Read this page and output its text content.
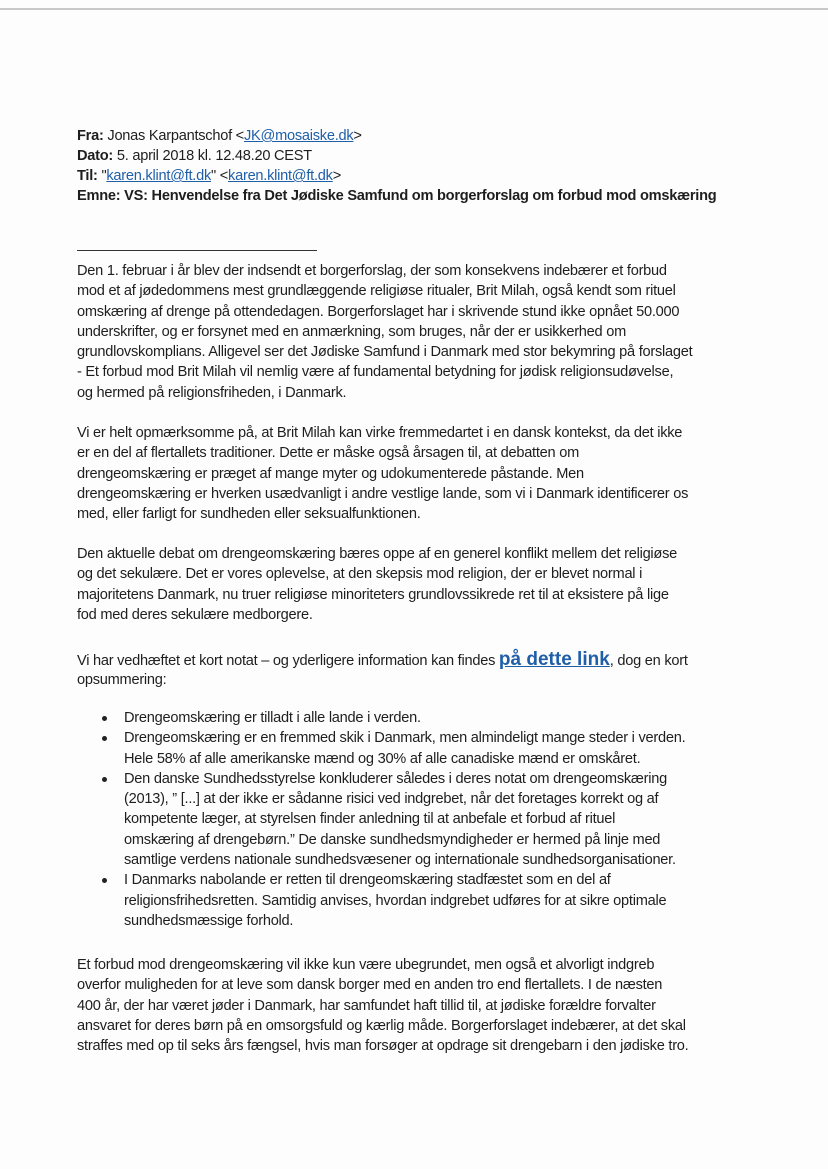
Fra: Jonas Karpantschof <JK@mosaiske.dk>
Dato: 5. april 2018 kl. 12.48.20 CEST
Til: "karen.klint@ft.dk" <karen.klint@ft.dk>
Emne: VS: Henvendelse fra Det Jødiske Samfund om borgerforslag om forbud mod omskæring
Den 1. februar i år blev der indsendt et borgerforslag, der som konsekvens indebærer et forbud
mod et af jødedommens mest grundlæggende religiøse ritualer, Brit Milah, også kendt som rituel
omskæring af drenge på ottendedagen. Borgerforslaget har i skrivende stund ikke opnået 50.000
underskrifter, og er forsynet med en anmærkning, som bruges, når der er usikkerhed om
grundlovskomplians. Alligevel ser det Jødiske Samfund i Danmark med stor bekymring på forslaget
- Et forbud mod Brit Milah vil nemlig være af fundamental betydning for jødisk religionsudøvelse,
og hermed på religionsfriheden, i Danmark.
Vi er helt opmærksomme på, at Brit Milah kan virke fremmedartet i en dansk kontekst, da det ikke
er en del af flertallets traditioner. Dette er måske også årsagen til, at debatten om
drengeomskæring er præget af mange myter og udokumenterede påstande. Men
drengeomskæring er hverken usædvanligt i andre vestlige lande, som vi i Danmark identificerer os
med, eller farligt for sundheden eller seksualfunktionen.
Den aktuelle debat om drengeomskæring bæres oppe af en generel konflikt mellem det religiøse
og det sekulære. Det er vores oplevelse, at den skepsis mod religion, der er blevet normal i
majoritetens Danmark, nu truer religiøse minoriteters grundlovssikrede ret til at eksistere på lige
fod med deres sekulære medborgere.
Vi har vedhæftet et kort notat – og yderligere information kan findes på dette link, dog en kort
opsummering:
Drengeomskæring er tilladt i alle lande i verden.
Drengeomskæring er en fremmed skik i Danmark, men almindeligt mange steder i verden.
Hele 58% af alle amerikanske mænd og 30% af alle canadiske mænd er omskåret.
Den danske Sundhedsstyrelse konkluderer således i deres notat om drengeomskæring
(2013), ” [...] at der ikke er sådanne risici ved indgrebet, når det foretages korrekt og af
kompetente læger, at styrelsen finder anledning til at anbefale et forbud af rituel
omskæring af drengebørn.” De danske sundhedsmyndigheder er hermed på linje med
samtlige verdens nationale sundhedsvæsener og internationale sundhedsorganisationer.
I Danmarks nabolande er retten til drengeomskæring stadfæstet som en del af
religionsfrihedsretten. Samtidig anvises, hvordan indgrebet udføres for at sikre optimale
sundhedsmæssige forhold.
Et forbud mod drengeomskæring vil ikke kun være ubegrundet, men også et alvorligt indgreb
overfor muligheden for at leve som dansk borger med en anden tro end flertallets. I de næsten
400 år, der har været jøder i Danmark, har samfundet haft tillid til, at jødiske forældre forvalter
ansvaret for deres børn på en omsorgsfuld og kærlig måde. Borgerforslaget indebærer, at det skal
straffes med op til seks års fængsel, hvis man forsøger at opdrage sit drengebarn i den jødiske tro.
